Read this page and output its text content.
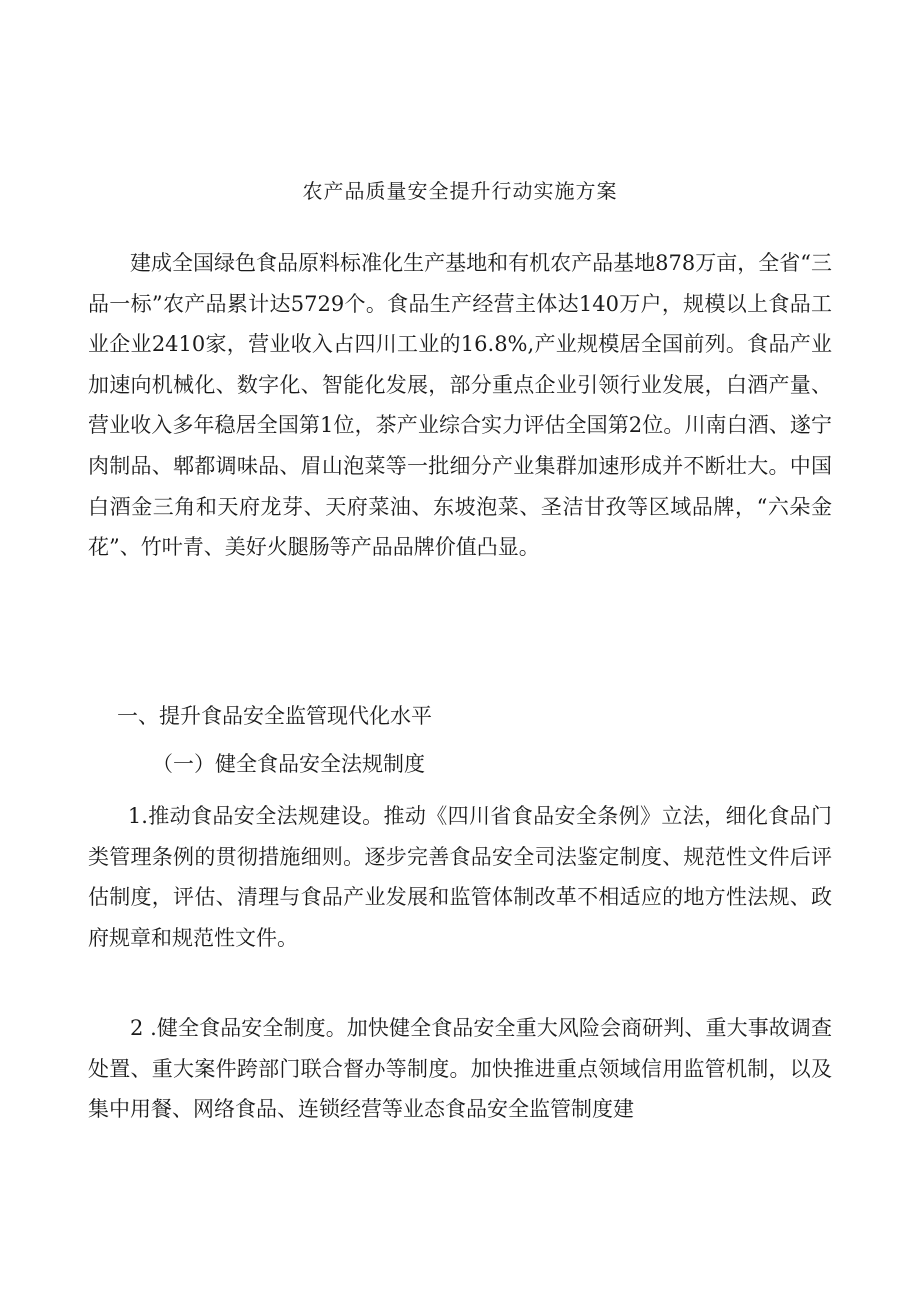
农产品质量安全提升行动实施方案

建成全国绿色食品原料标准化生产基地和有机农产品基地878万亩，全省“三品一标”农产品累计达5729个。食品生产经营主体达140万户，规模以上食品工业企业2410家，营业收入占四川工业的16.8%,产业规模居全国前列。食品产业加速向机械化、数字化、智能化发展，部分重点企业引领行业发展，白酒产量、营业收入多年稳居全国第1位，茶产业综合实力评估全国第2位。川南白酒、遂宁肉制品、郫都调味品、眉山泡菜等一批细分产业集群加速形成并不断壮大。中国白酒金三角和天府龙芽、天府菜油、东坡泡菜、圣洁甘孜等区域品牌，“六朵金花”、竹叶青、美好火腿肠等产品品牌价值凸显。

一、提升食品安全监管现代化水平
（一）健全食品安全法规制度

1.推动食品安全法规建设。推动《四川省食品安全条例》立法，细化食品门类管理条例的贯彻措施细则。逐步完善食品安全司法鉴定制度、规范性文件后评估制度，评估、清理与食品产业发展和监管体制改革不相适应的地方性法规、政府规章和规范性文件。

2 .健全食品安全制度。加快健全食品安全重大风险会商研判、重大事故调查处置、重大案件跨部门联合督办等制度。加快推进重点领域信用监管机制，以及集中用餐、网络食品、连锁经营等业态食品安全监管制度建
